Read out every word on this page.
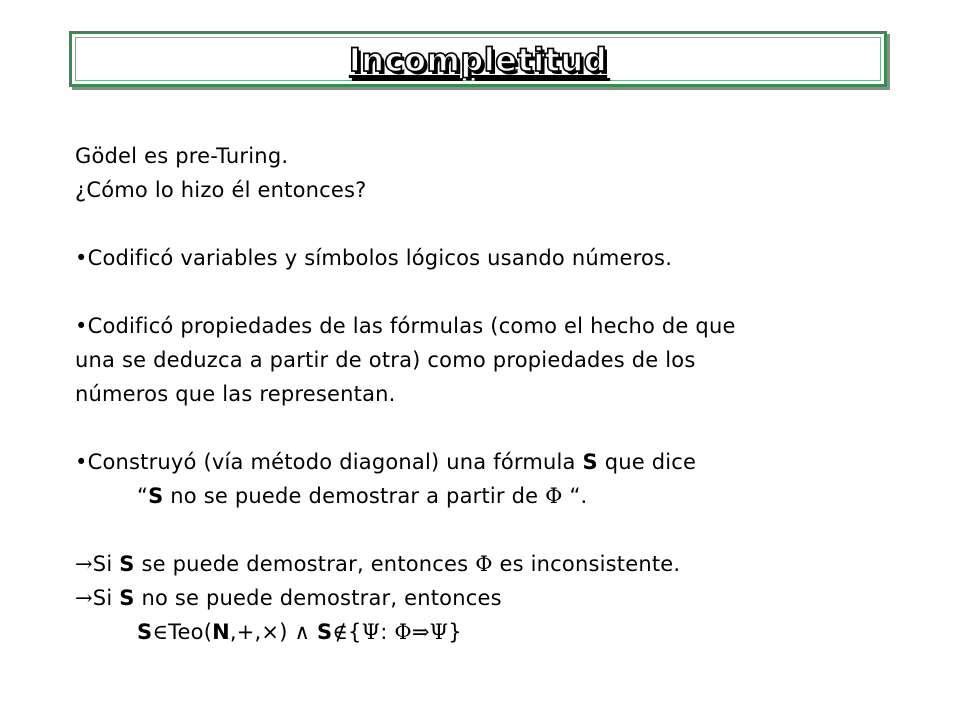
Incompletitud
Gödel es pre-Turing.
¿Cómo lo hizo él entonces?
•Codificó variables y símbolos lógicos usando números.
•Codificó propiedades de las fórmulas (como el hecho de que
una se deduzca a partir de otra) como propiedades de los
números que las representan.
•Construyó (vía método diagonal) una fórmula S que dice
“S no se puede demostrar a partir de Φ “.
→Si S se puede demostrar, entonces Φ es inconsistente.
→Si S no se puede demostrar, entonces
S∈Teo(N,+,×) ∧ S∉{Ψ: Φ⇒Ψ}
